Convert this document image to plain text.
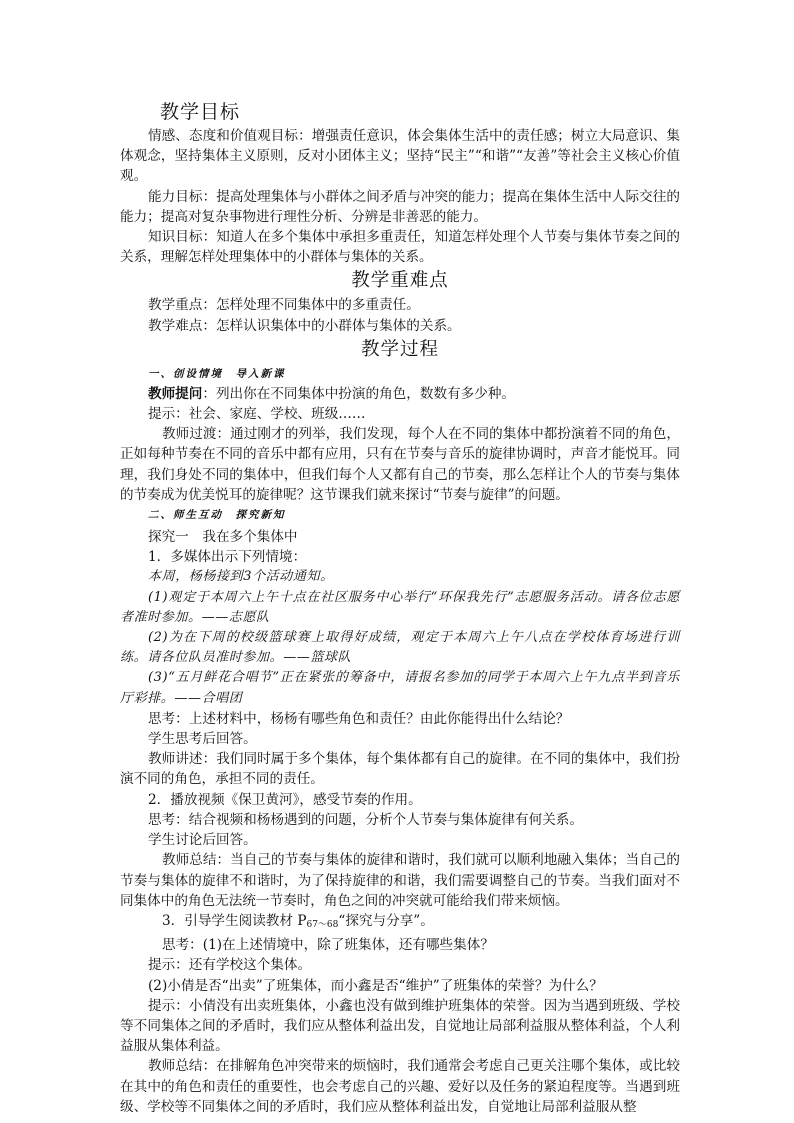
教学目标

情感、态度和价值观目标：增强责任意识，体会集体生活中的责任感；树立大局意识、集体观念，坚持集体主义原则，反对小团体主义；坚持“民主”“和谐”“友善”等社会主义核心价值观。

能力目标：提高处理集体与小群体之间矛盾与冲突的能力；提高在集体生活中人际交往的能力；提高对复杂事物进行理性分析、分辨是非善恶的能力。

知识目标：知道人在多个集体中承担多重责任，知道怎样处理个人节奏与集体节奏之间的关系，理解怎样处理集体中的小群体与集体的关系。

教学重难点

教学重点：怎样处理不同集体中的多重责任。

教学难点：怎样认识集体中的小群体与集体的关系。

教学过程

一、创设情境　导入新课

教师提问：列出你在不同集体中扮演的角色，数数有多少种。

提示：社会、家庭、学校、班级……

教师过渡：通过刚才的列举，我们发现，每个人在不同的集体中都扮演着不同的角色，正如每种节奏在不同的音乐中都有应用，只有在节奏与音乐的旋律协调时，声音才能悦耳。同理，我们身处不同的集体中，但我们每个人又都有自己的节奏，那么怎样让个人的节奏与集体的节奏成为优美悦耳的旋律呢？这节课我们就来探讨“节奏与旋律”的问题。

二、师生互动　探究新知

探究一　我在多个集体中

1．多媒体出示下列情境：

本周，杨杨接到3个活动通知。

(1)观定于本周六上午十点在社区服务中心举行“环保我先行”志愿服务活动。请各位志愿者准时参加。——志愿队

(2)为在下周的校级篮球赛上取得好成绩，观定于本周六上午八点在学校体育场进行训练。请各位队员准时参加。——篮球队

(3)“五月鲜花合唱节”正在紧张的筹备中，请报名参加的同学于本周六上午九点半到音乐厅彩排。——合唱团

思考：上述材料中，杨杨有哪些角色和责任？由此你能得出什么结论？

学生思考后回答。

教师讲述：我们同时属于多个集体，每个集体都有自己的旋律。在不同的集体中，我们扮演不同的角色，承担不同的责任。

2．播放视频《保卫黄河》，感受节奏的作用。

思考：结合视频和杨杨遇到的问题，分析个人节奏与集体旋律有何关系。

学生讨论后回答。

教师总结：当自己的节奏与集体的旋律和谐时，我们就可以顺利地融入集体；当自己的节奏与集体的旋律不和谐时，为了保持旋律的和谐，我们需要调整自己的节奏。当我们面对不同集体中的角色无法统一节奏时，角色之间的冲突就可能给我们带来烦恼。

3．引导学生阅读教材 P67～68“探究与分享”。

思考：(1)在上述情境中，除了班集体，还有哪些集体？

提示：还有学校这个集体。

(2)小倩是否“出卖”了班集体，而小鑫是否“维护”了班集体的荣誉？为什么？

提示：小倩没有出卖班集体，小鑫也没有做到维护班集体的荣誉。因为当遇到班级、学校等不同集体之间的矛盾时，我们应从整体利益出发，自觉地让局部利益服从整体利益，个人利益服从集体利益。

教师总结：在排解角色冲突带来的烦恼时，我们通常会考虑自己更关注哪个集体，或比较在其中的角色和责任的重要性，也会考虑自己的兴趣、爱好以及任务的紧迫程度等。当遇到班级、学校等不同集体之间的矛盾时，我们应从整体利益出发，自觉地让局部利益服从整
